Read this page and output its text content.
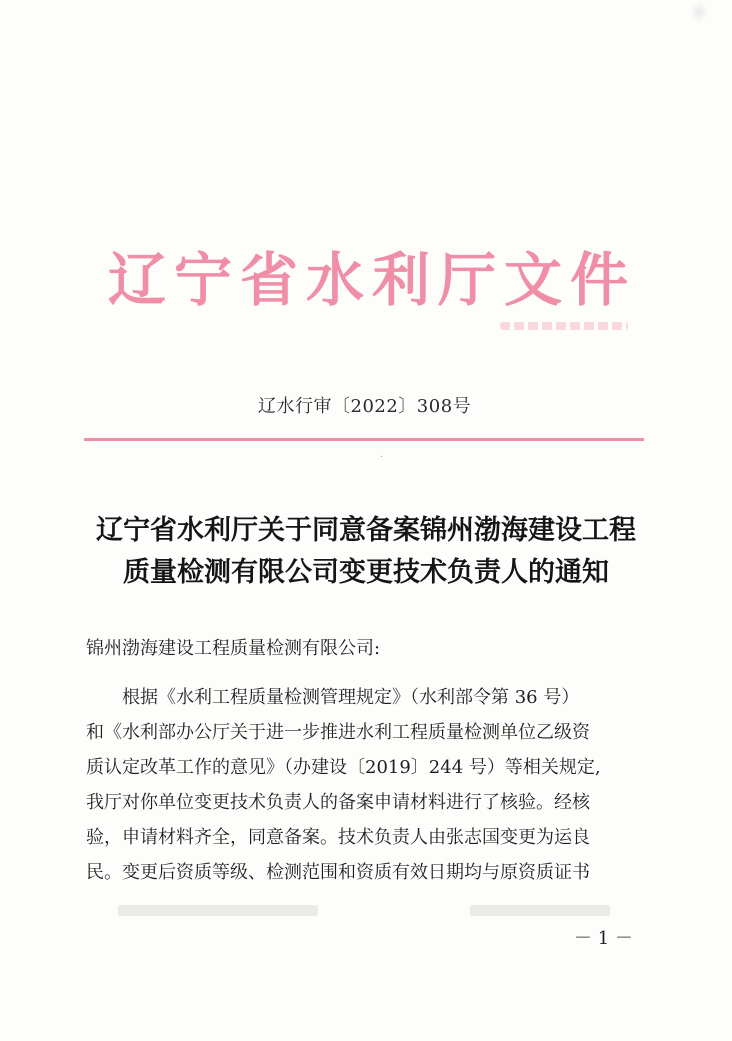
辽宁省水利厅文件
辽水行审〔2022〕308号
·
辽宁省水利厅关于同意备案锦州渤海建设工程
质量检测有限公司变更技术负责人的通知
锦州渤海建设工程质量检测有限公司:
根据《水利工程质量检测管理规定》（水利部令第 36 号）
和《水利部办公厅关于进一步推进水利工程质量检测单位乙级资
质认定改革工作的意见》（办建设〔2019〕244 号）等相关规定,
我厅对你单位变更技术负责人的备案申请材料进行了核验。经核
验，申请材料齐全，同意备案。技术负责人由张志国变更为运良
民。变更后资质等级、检测范围和资质有效日期均与原资质证书
－ 1 －
